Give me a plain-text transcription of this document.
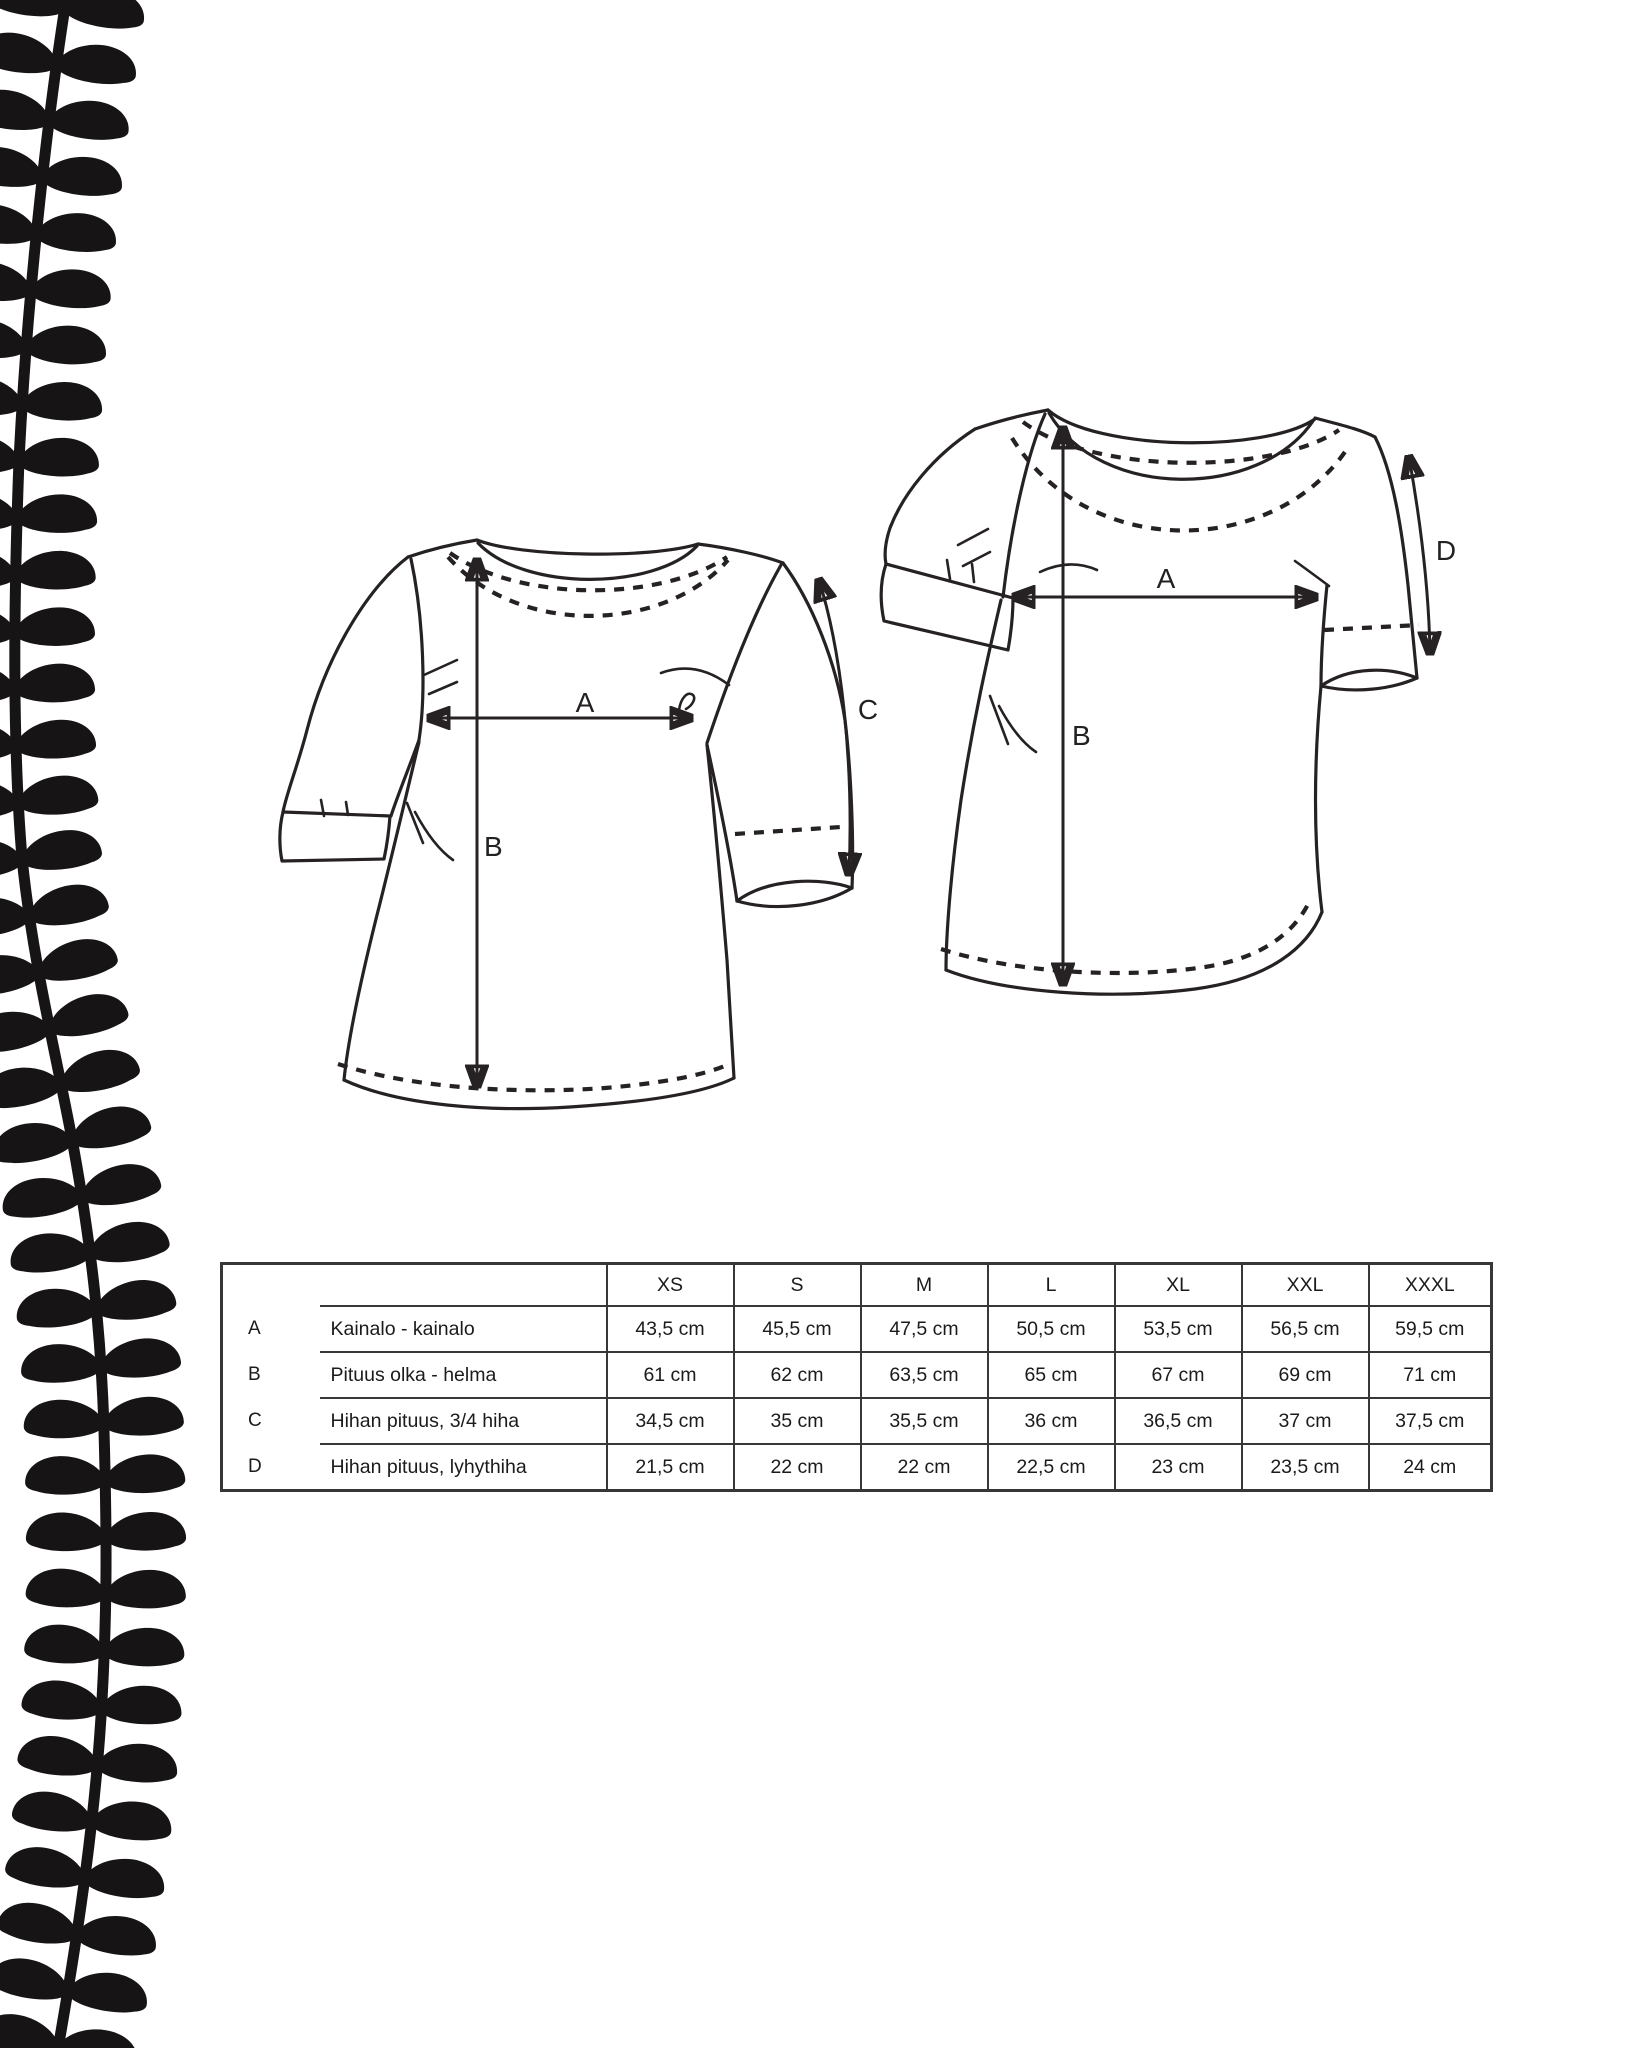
A
B
C
A
B
D
		XS	S	M	L	XL	XXL	XXXL
A	Kainalo - kainalo	43,5 cm	45,5 cm	47,5 cm	50,5 cm	53,5 cm	56,5 cm	59,5 cm
B	Pituus olka - helma	61 cm	62 cm	63,5 cm	65 cm	67 cm	69 cm	71 cm
C	Hihan pituus, 3/4 hiha	34,5 cm	35 cm	35,5 cm	36 cm	36,5 cm	37 cm	37,5 cm
D	Hihan pituus, lyhythiha	21,5 cm	22 cm	22 cm	22,5 cm	23 cm	23,5 cm	24 cm
